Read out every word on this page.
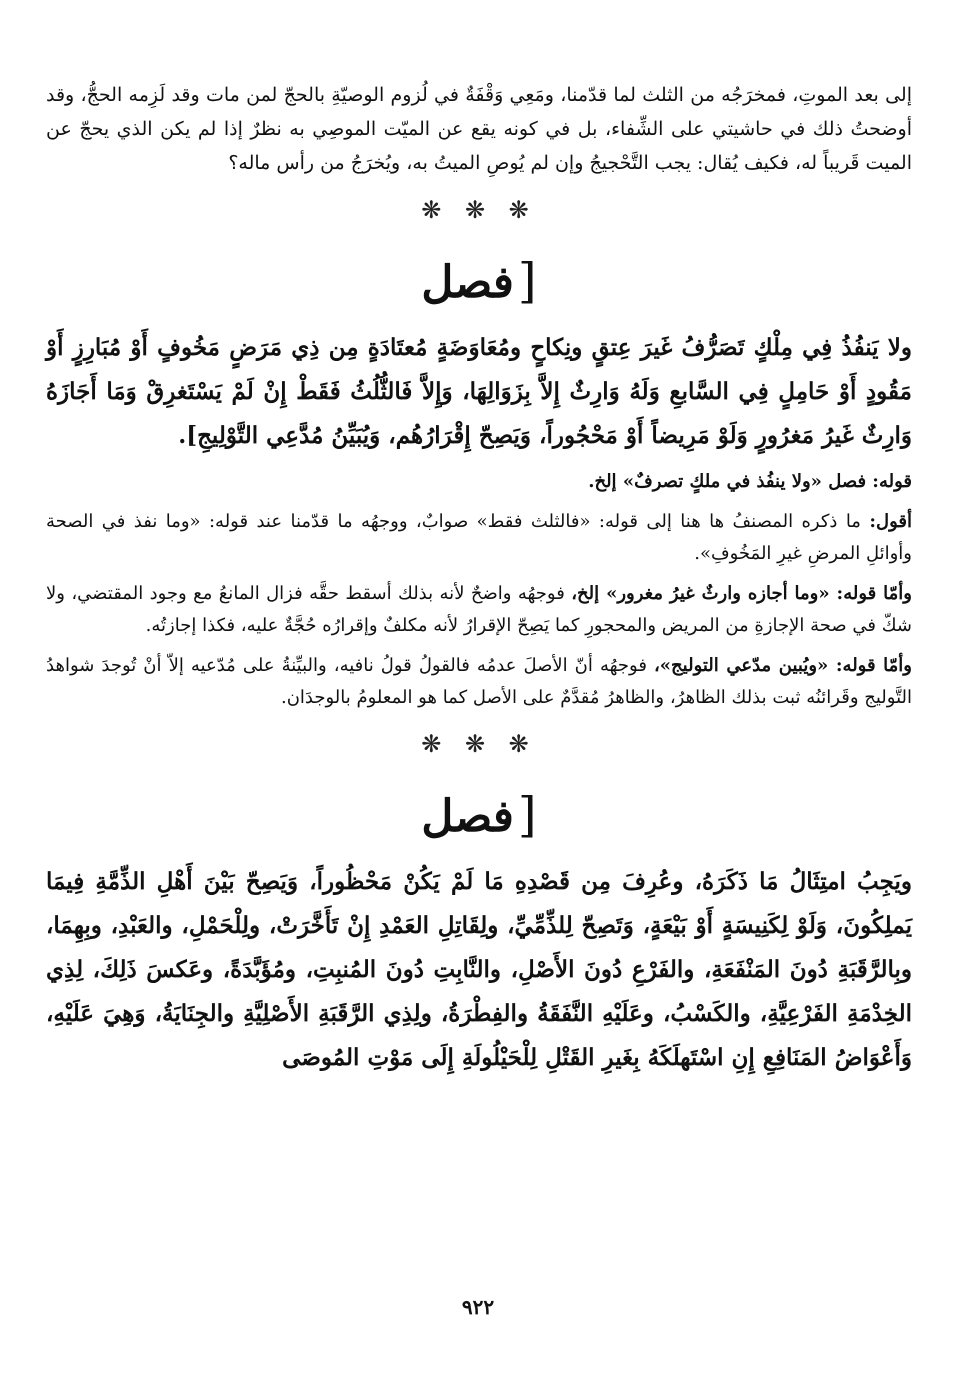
إلى بعد الموتِ، فمخرَجُه من الثلث لما قدّمنا، ومَعِي وَقْفَةٌ في لُزوم الوصيّةِ بالحجّ لمن مات وقد لَزِمه الحجُّ، وقد أوضحتُ ذلك في حاشيتي على الشِّفاء، بل في كونه يقع عن الميّت الموصِي به نظرٌ إذا لم يكن الذي يحجّ عن الميت قَريباً له، فكيف يُقال: يجب التَّحْجيجُ وإن لم يُوصِ الميتُ به، ويُخرَجُ من رأس ماله؟

❋ ❋ ❋
[فصل

ولا يَنفُذُ فِي مِلْكٍ تَصَرُّفُ غَيرَ عِتقٍ ونِكاحٍ ومُعَاوَضَةٍ مُعتَادَةٍ مِن ذِي مَرَضٍ مَخُوفٍ أَوْ مُبَارِزٍ أَوْ مَقُودٍ أَوْ حَامِلٍ فِي السَّابعِ وَلَهُ وَارِثٌ إِلاَّ بِزَوَالِهَا، وَإِلاَّ فَالثُّلُثُ فَقَطْ إِنْ لَمْ يَسْتَغرِقْ وَمَا أَجَازَهُ وَارِثٌ غَيرُ مَغرُورٍ وَلَوْ مَرِيضاً أَوْ مَحْجُوراً، وَيَصِحّ إِقْرَارُهُم، وَيُبَيِّنُ مُدَّعِي التَّوْلِيجِ].

قوله: فصل «ولا ينفُذ في ملكٍ تصرفٌ» إلخ.

أقول: ما ذكره المصنفُ ها هنا إلى قوله: «فالثلث فقط» صوابٌ، ووجهُه ما قدّمنا عند قوله: «وما نفذ في الصحة وأوائلِ المرضِ غيرِ المَخُوفِ».

وأمّا قوله: «وما أجازه وارثٌ غيرُ مغرور» إلخ، فوجهُه واضحٌ لأنه بذلك أسقط حقَّه فزال المانعُ مع وجود المقتضي، ولا شكّ في صحة الإجازةِ من المريض والمحجورِ كما يَصِحّ الإقرارُ لأنه مكلفٌ وإقرارُه حُجَّةٌ عليه، فكذا إجازتُه.

وأمّا قوله: «ويُبين مدّعي التوليج»، فوجهُه أنّ الأصلَ عدمُه فالقولُ قولُ نافيه، والبيِّنةُ على مُدّعيه إلاّ أنْ تُوجدَ شواهدُ التَّوليج وقَرائنُه ثبت بذلك الظاهرُ، والظاهرُ مُقدَّمٌ على الأصل كما هو المعلومُ بالوجدَان.

❋ ❋ ❋
[فصل

ويَجِبُ امتِثَالُ مَا ذَكَرَهُ، وعُرِفَ مِن قَصْدِهِ مَا لَمْ يَكُنْ مَحْظُوراً، وَيَصِحّ بَيْنَ أَهْلِ الذِّمَّةِ فِيمَا يَملِكُونَ، وَلَوْ لِكَنِيسَةٍ أَوْ بَيْعَةٍ، وَتَصِحّ لِلذِّمِّيِّ، ولِقَاتِلِ العَمْدِ إِنْ تَأَخَّرَتْ، ولِلْحَمْلِ، والعَبْدِ، وبِهِمَا، وبِالرَّقَبَةِ دُونَ المَنْفَعَةِ، والفَرْعِ دُونَ الأَصْلِ، والنَّابِتِ دُونَ المُنبِتِ، ومُؤَبَّدَةً، وعَكسَ ذَلِكَ، لِذِي الخِدْمَةِ الفَرْعِيَّةِ، والكَسْبُ، وعَلَيْهِ النَّفَقَةُ والفِطْرَةُ، ولِذِي الرَّقَبَةِ الأَصْلِيَّةِ والجِنَايَةُ، وَهِيَ عَلَيْهِ، وَأَعْوَاضُ المَنَافِعِ إِنِ اسْتَهلَكَهُ بِغَيرِ القَتْلِ لِلْحَيْلُولَةِ إِلَى مَوْتِ المُوصَى

٩٢٢
